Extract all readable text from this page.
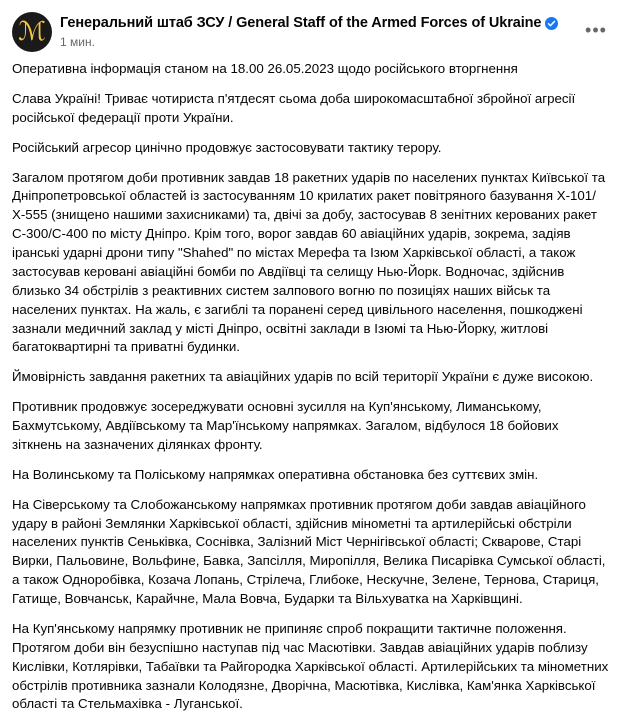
ℳ Генеральний штаб ЗСУ / General Staff of the Armed Forces of Ukraine
1 мин.
•••

Оперативна інформація станом на 18.00 26.05.2023 щодо російського вторгнення

Слава Україні! Триває чотириста п'ятдесят сьома доба широкомасштабної збройної агресії російської федерації проти України.

Російський агресор цинічно продовжує застосовувати тактику терору.

Загалом протягом доби противник завдав 18 ракетних ударів по населених пунктах Київської та Дніпропетровської областей із застосуванням 10 крилатих ракет повітряного базування Х-101/Х-555 (знищено нашими захисниками) та, двічі за добу, застосував 8 зенітних керованих ракет С-300/С-400 по місту Дніпро. Крім того, ворог завдав 60 авіаційних ударів, зокрема, задіяв іранські ударні дрони типу "Shahed" по містах Мерефа та Ізюм Харківської області, а також застосував керовані авіаційні бомби по Авдіївці та селищу Нью-Йорк. Водночас, здійснив близько 34 обстрілів з реактивних систем залпового вогню по позиціях наших військ та населених пунктах. На жаль, є загиблі та поранені серед цивільного населення, пошкоджені зазнали медичний заклад у місті Дніпро, освітні заклади в Ізюмі та Нью-Йорку, житлові багатоквартирні та приватні будинки.

Ймовірність завдання ракетних та авіаційних ударів по всій території України є дуже високою.

Противник продовжує зосереджувати основні зусилля на Куп'янському, Лиманському, Бахмутському, Авдіївському та Мар'їнському напрямках. Загалом, відбулося 18 бойових зіткнень на зазначених ділянках фронту.

На Волинському та Поліському напрямках оперативна обстановка без суттєвих змін.

На Сіверському та Слобожанському напрямках противник протягом доби завдав авіаційного удару в районі Землянки Харківської області, здійснив мінометні та артилерійські обстріли населених пунктів Сеньківка, Соснівка, Залізний Міст Чернігівської області; Скварове, Старі Вирки, Пальовине, Вольфине, Бавка, Запсілля, Миропілля, Велика Писарівка Сумської області, а також Одноробівка, Козача Лопань, Стрілеча, Глибоке, Нескучне, Зелене, Тернова, Стариця, Гатище, Вовчанськ, Карайчне, Мала Вовча, Бударки та Вільхуватка на Харківщині.

На Куп'янському напрямку противник не припиняє спроб покращити тактичне положення. Протягом доби він безуспішно наступав під час Масютівки. Завдав авіаційних ударів поблизу Кислівки, Котлярівки, Табаївки та Райгородка Харківської області. Артилерійських та мінометних обстрілів противника зазнали Колодязне, Дворічна, Масютівка, Кислівка, Кам'янка Харківської області та Стельмахівка - Луганської.
